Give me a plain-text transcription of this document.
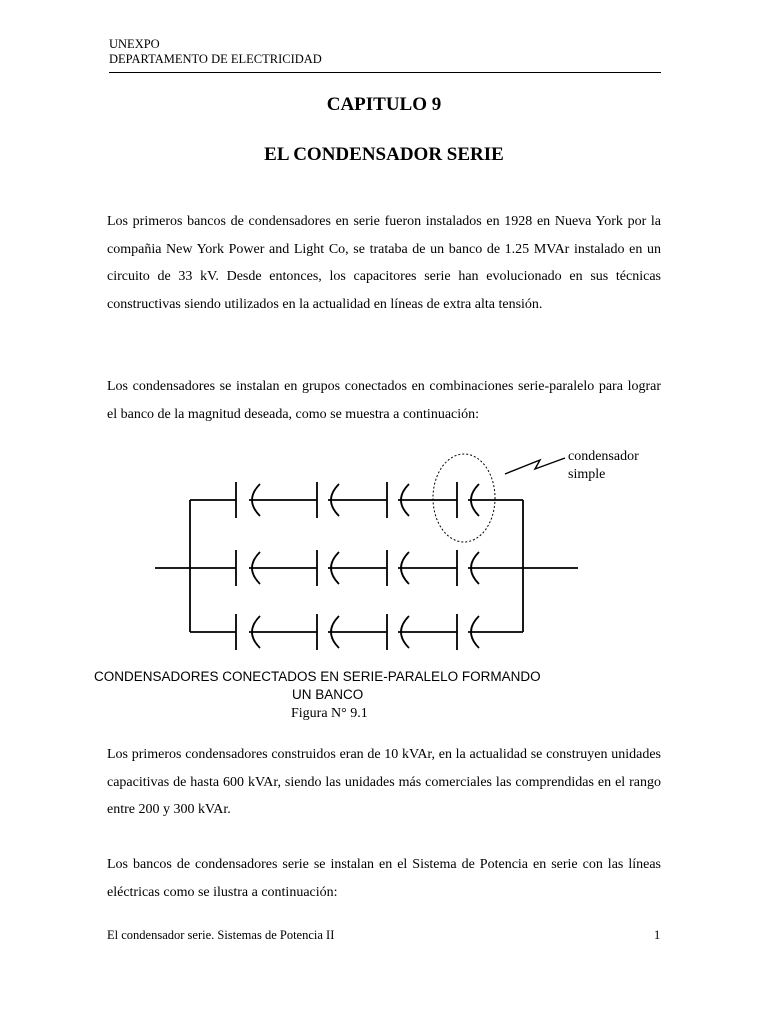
UNEXPO
DEPARTAMENTO DE ELECTRICIDAD
CAPITULO 9
EL CONDENSADOR SERIE
Los primeros bancos de condensadores en serie fueron instalados en 1928 en Nueva York por la compañia New York Power and Light Co, se trataba de un banco de 1.25 MVAr instalado en un circuito de 33 kV. Desde entonces, los capacitores serie han evolucionado en sus técnicas constructivas siendo utilizados en la actualidad en líneas de extra alta tensión.
Los condensadores se instalan en grupos conectados en combinaciones serie-paralelo para lograr el banco de la magnitud deseada, como se muestra a continuación:
condensador
simple
CONDENSADORES CONECTADOS EN SERIE-PARALELO FORMANDO
UN BANCO
Figura N° 9.1
Los primeros condensadores construidos eran de 10 kVAr, en la actualidad se construyen unidades capacitivas de hasta 600 kVAr, siendo las unidades más comerciales las comprendidas en el rango entre 200 y 300 kVAr.
Los bancos de condensadores serie se instalan en el Sistema de Potencia en serie con las líneas eléctricas como se ilustra a continuación:
El condensador serie. Sistemas de Potencia II	1
